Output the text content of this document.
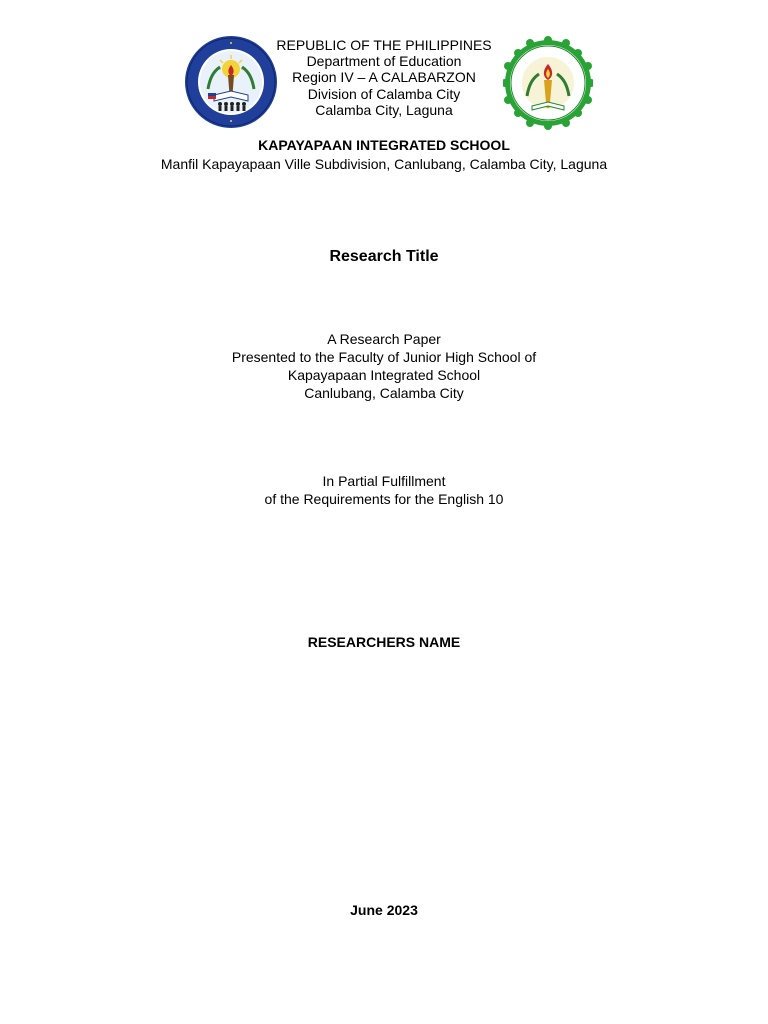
REPUBLIC OF THE PHILIPPINES
Department of Education
Region IV – A CALABARZON
Division of Calamba City
Calamba City, Laguna
KAPAYAPAAN INTEGRATED SCHOOL
Manfil Kapayapaan Ville Subdivision, Canlubang, Calamba City, Laguna
Research Title
A Research Paper
Presented to the Faculty of Junior High School of
Kapayapaan Integrated School
Canlubang, Calamba City
In Partial Fulfillment
of the Requirements for the English 10
RESEARCHERS NAME
June 2023
